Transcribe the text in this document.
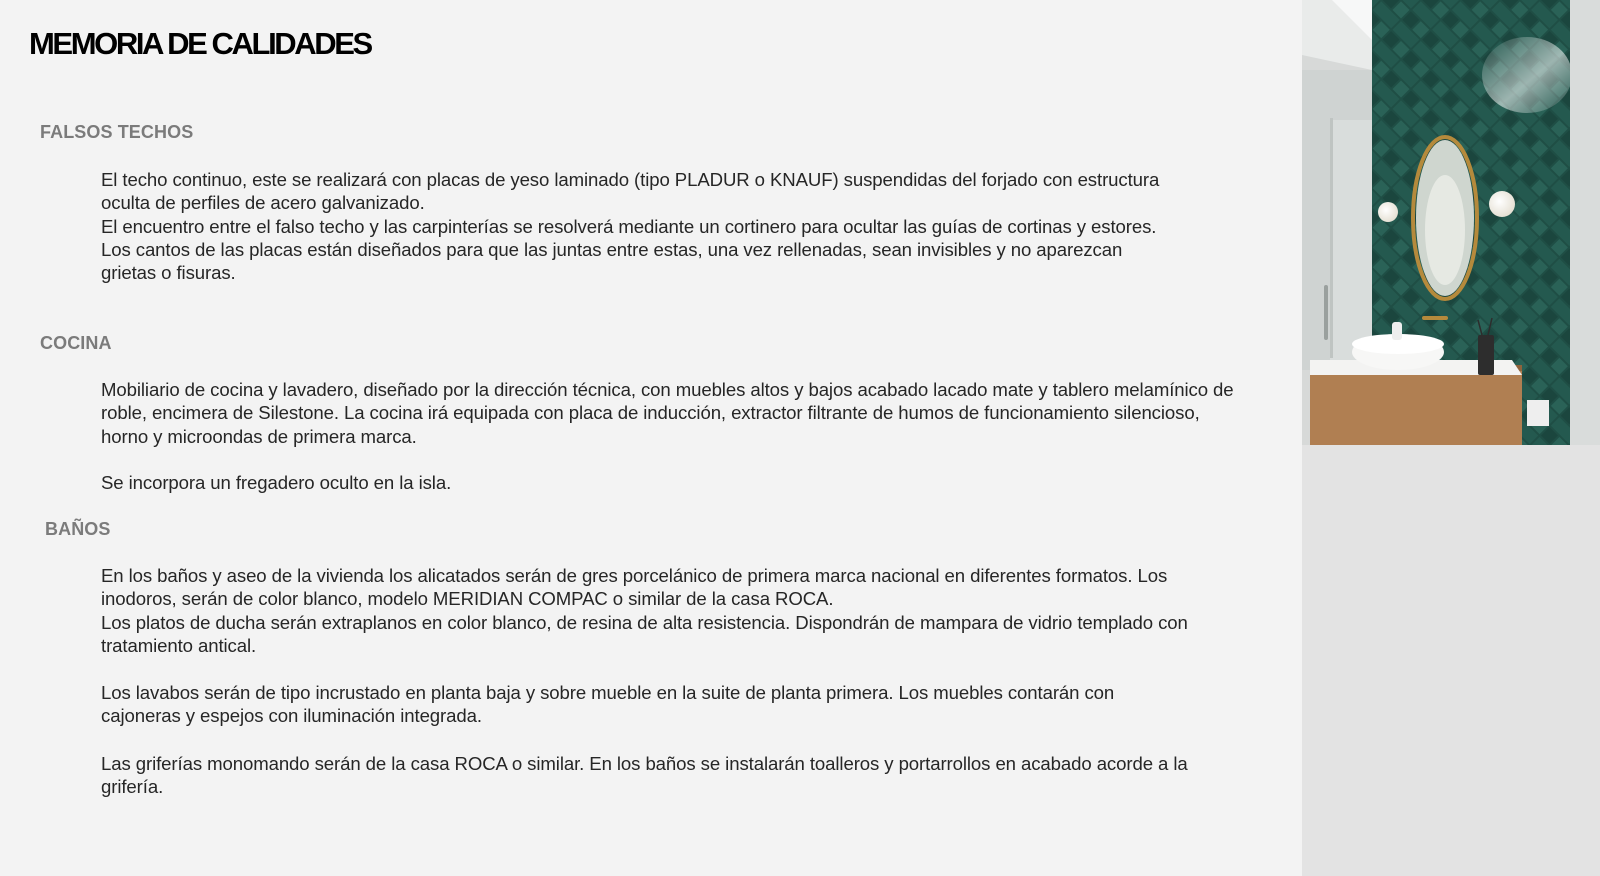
MEMORIA DE CALIDADES
FALSOS TECHOS

El techo continuo, este se realizará con placas de yeso laminado (tipo PLADUR o KNAUF) suspendidas del forjado con estructura oculta de perfiles de acero galvanizado.
El encuentro entre el falso techo y las carpinterías se resolverá mediante un cortinero para ocultar las guías de cortinas y estores.
Los cantos de las placas están diseñados para que las juntas entre estas, una vez rellenadas, sean invisibles y no aparezcan grietas o fisuras.

COCINA

Mobiliario de cocina y lavadero, diseñado por la dirección técnica, con muebles altos y bajos acabado lacado mate y tablero melamínico de roble, encimera de Silestone. La cocina irá equipada con placa de inducción, extractor filtrante de humos de funcionamiento silencioso, horno y microondas de primera marca.

Se incorpora un fregadero oculto en la isla.

BAÑOS

En los baños y aseo de la vivienda los alicatados serán de gres porcelánico de primera marca nacional en diferentes formatos. Los inodoros, serán de color blanco, modelo MERIDIAN COMPAC o similar de la casa ROCA.
Los platos de ducha serán extraplanos en color blanco, de resina de alta resistencia. Dispondrán de mampara de vidrio templado con tratamiento antical.

Los lavabos serán de tipo incrustado en planta baja y sobre mueble en la suite de planta primera. Los muebles contarán con cajoneras y espejos con iluminación integrada.

Las griferías monomando serán de la casa ROCA o similar. En los baños se instalarán toalleros y portarrollos en acabado acorde a la grifería.
